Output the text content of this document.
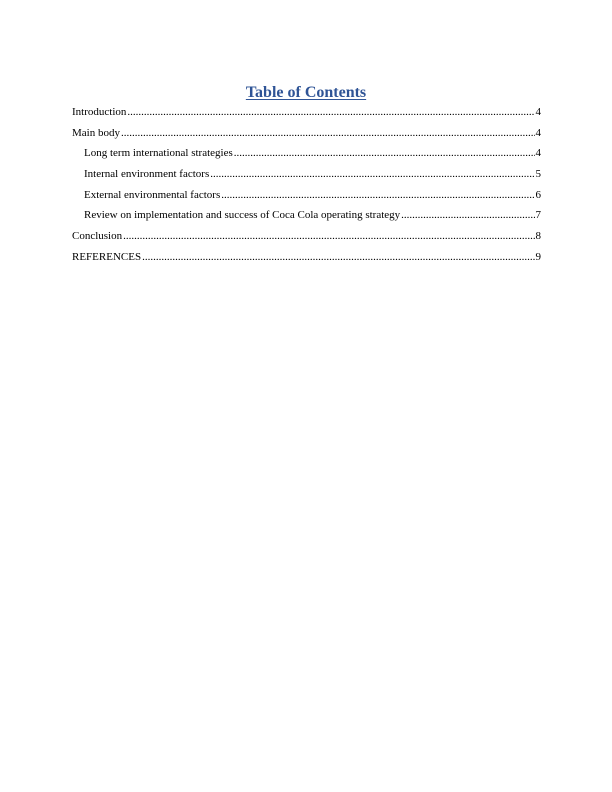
Table of Contents
Introduction .....	4
Main body .....	4
Long term international strategies .....	4
Internal environment factors .....	5
External environmental factors .....	6
Review on implementation and success of Coca Cola operating strategy .....	7
Conclusion .....	8
REFERENCES .....	9
